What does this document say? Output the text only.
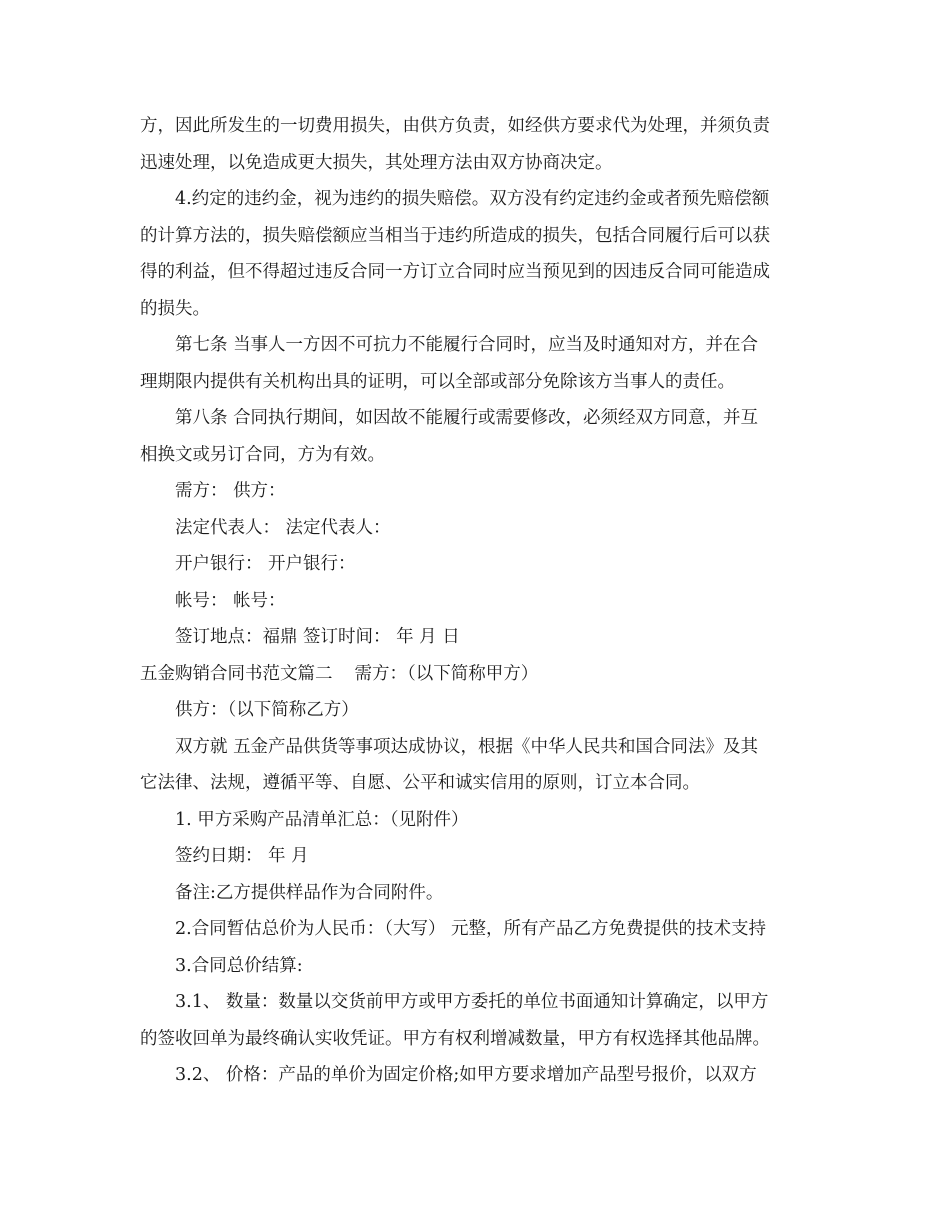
方，因此所发生的一切费用损失，由供方负责，如经供方要求代为处理，并须负责
迅速处理，以免造成更大损失，其处理方法由双方协商决定。
4.约定的违约金，视为违约的损失赔偿。双方没有约定违约金或者预先赔偿额
的计算方法的，损失赔偿额应当相当于违约所造成的损失，包括合同履行后可以获
得的利益，但不得超过违反合同一方订立合同时应当预见到的因违反合同可能造成
的损失。
第七条 当事人一方因不可抗力不能履行合同时，应当及时通知对方，并在合
理期限内提供有关机构出具的证明，可以全部或部分免除该方当事人的责任。
第八条 合同执行期间，如因故不能履行或需要修改，必须经双方同意，并互
相换文或另订合同，方为有效。
需方： 供方：
法定代表人： 法定代表人：
开户银行： 开户银行：
帐号： 帐号：
签订地点：福鼎 签订时间： 年 月 日
五金购销合同书范文篇二 需方：（以下简称甲方）
供方：（以下简称乙方）
双方就 五金产品供货等事项达成协议，根据《中华人民共和国合同法》及其
它法律、法规，遵循平等、自愿、公平和诚实信用的原则，订立本合同。
1. 甲方采购产品清单汇总：（见附件）
签约日期： 年 月
备注:乙方提供样品作为合同附件。
2.合同暂估总价为人民币：（大写） 元整，所有产品乙方免费提供的技术支持
3.合同总价结算:
3.1、 数量：数量以交货前甲方或甲方委托的单位书面通知计算确定，以甲方
的签收回单为最终确认实收凭证。甲方有权利增减数量，甲方有权选择其他品牌。
3.2、 价格：产品的单价为固定价格;如甲方要求增加产品型号报价，以双方
